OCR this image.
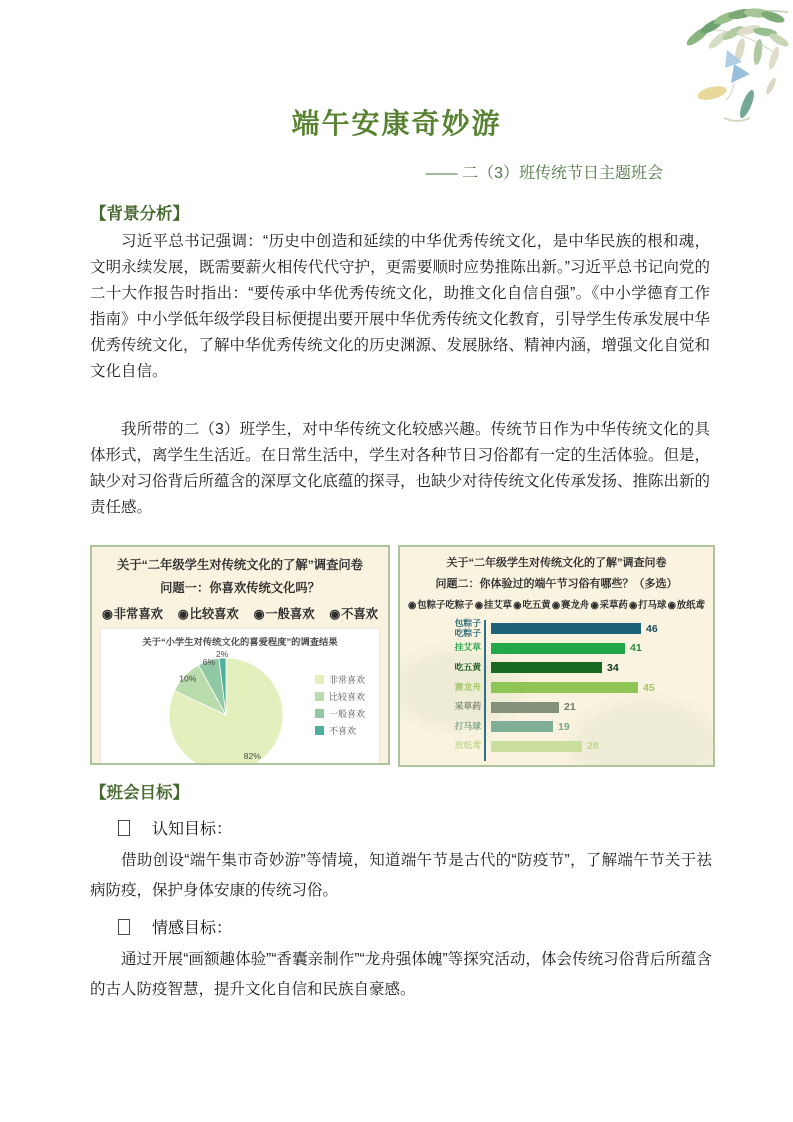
端午安康奇妙游
—— 二（3）班传统节日主题班会
【背景分析】

习近平总书记强调：“历史中创造和延续的中华优秀传统文化，是中华民族的根和魂，文明永续发展，既需要薪火相传代代守护，更需要顺时应势推陈出新。”习近平总书记向党的二十大作报告时指出：“要传承中华优秀传统文化，助推文化自信自强”。《中小学德育工作指南》中小学低年级学段目标便提出要开展中华优秀传统文化教育，引导学生传承发展中华优秀传统文化，了解中华优秀传统文化的历史渊源、发展脉络、精神内涵，增强文化自觉和文化自信。

我所带的二（3）班学生，对中华传统文化较感兴趣。传统节日作为中华传统文化的具体形式，离学生生活近。在日常生活中，学生对各种节日习俗都有一定的生活体验。但是，缺少对习俗背后所蕴含的深厚文化底蕴的探寻，也缺少对待传统文化传承发扬、推陈出新的责任感。

关于“二年级学生对传统文化的了解”调查问卷
问题一：你喜欢传统文化吗？
◉非常喜欢 ◉比较喜欢 ◉一般喜欢 ◉不喜欢
关于“小学生对传统文化的喜爱程度”的调查结果
82%
10%
6%
2%
非常喜欢
比较喜欢
一般喜欢
不喜欢
关于“二年级学生对传统文化的了解”调查问卷
问题二：你体验过的端午节习俗有哪些？（多选）
◉包粽子吃粽子 ◉挂艾草 ◉吃五黄 ◉赛龙舟 ◉采草药 ◉打马球 ◉放纸鸢
包粽子
吃粽子	46
挂艾草	41
吃五黄	34
赛龙舟	45
采草药	21
打马球	19
放纸鸢	28
【班会目标】
认知目标：

借助创设“端午集市奇妙游”等情境，知道端午节是古代的“防疫节”，了解端午节关于祛病防疫，保护身体安康的传统习俗。

情感目标：

通过开展“画额趣体验”“香囊亲制作”“龙舟强体魄”等探究活动，体会传统习俗背后所蕴含的古人防疫智慧，提升文化自信和民族自豪感。
